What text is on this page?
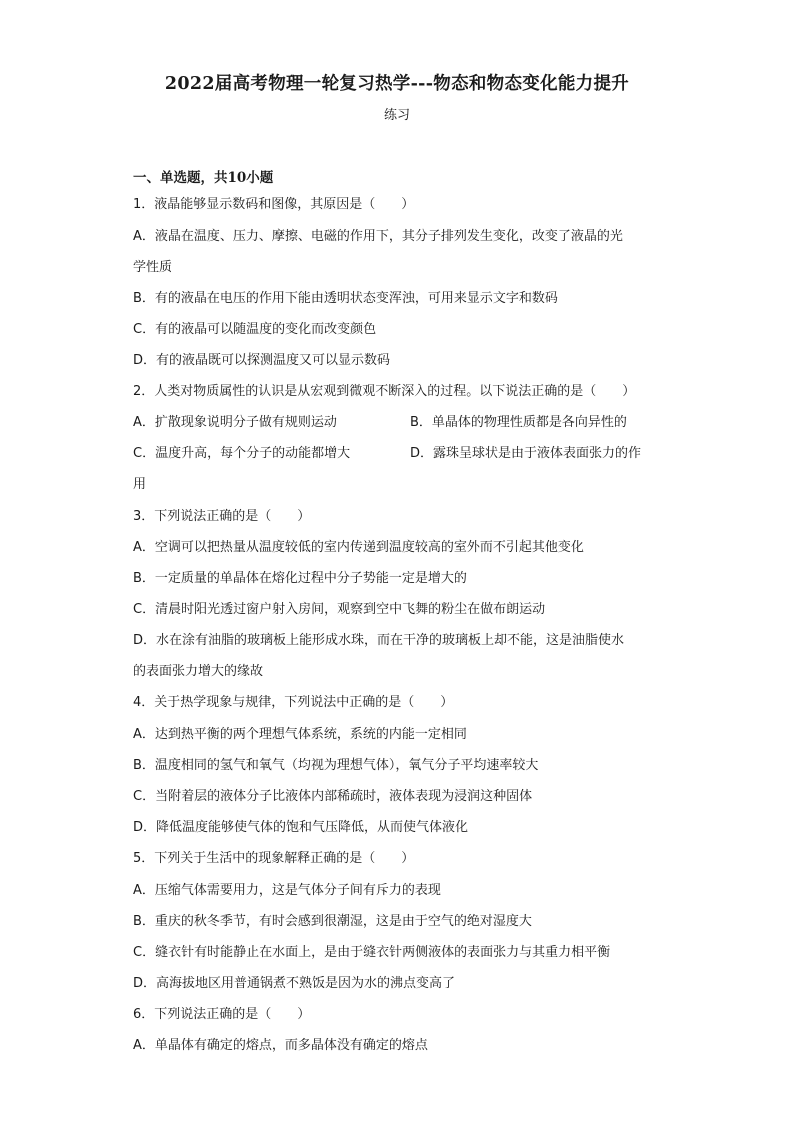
2022届高考物理一轮复习热学---物态和物态变化能力提升
练习
一、单选题，共10小题
1．液晶能够显示数码和图像，其原因是（　　）
A．液晶在温度、压力、摩擦、电磁的作用下，其分子排列发生变化，改变了液晶的光
学性质
B．有的液晶在电压的作用下能由透明状态变浑浊，可用来显示文字和数码
C．有的液晶可以随温度的变化而改变颜色
D．有的液晶既可以探测温度又可以显示数码
2．人类对物质属性的认识是从宏观到微观不断深入的过程。以下说法正确的是（　　）
A．扩散现象说明分子做有规则运动	B．单晶体的物理性质都是各向异性的
C．温度升高，每个分子的动能都增大	D．露珠呈球状是由于液体表面张力的作
用
3．下列说法正确的是（　　）
A．空调可以把热量从温度较低的室内传递到温度较高的室外而不引起其他变化
B．一定质量的单晶体在熔化过程中分子势能一定是增大的
C．清晨时阳光透过窗户射入房间，观察到空中飞舞的粉尘在做布朗运动
D．水在涂有油脂的玻璃板上能形成水珠，而在干净的玻璃板上却不能，这是油脂使水
的表面张力增大的缘故
4．关于热学现象与规律，下列说法中正确的是（　　）
A．达到热平衡的两个理想气体系统，系统的内能一定相同
B．温度相同的氢气和氧气（均视为理想气体），氧气分子平均速率较大
C．当附着层的液体分子比液体内部稀疏时，液体表现为浸润这种固体
D．降低温度能够使气体的饱和气压降低，从而使气体液化
5．下列关于生活中的现象解释正确的是（　　）
A．压缩气体需要用力，这是气体分子间有斥力的表现
B．重庆的秋冬季节，有时会感到很潮湿，这是由于空气的绝对湿度大
C．缝衣针有时能静止在水面上，是由于缝衣针两侧液体的表面张力与其重力相平衡
D．高海拔地区用普通锅煮不熟饭是因为水的沸点变高了
6．下列说法正确的是（　　）
A．单晶体有确定的熔点，而多晶体没有确定的熔点
